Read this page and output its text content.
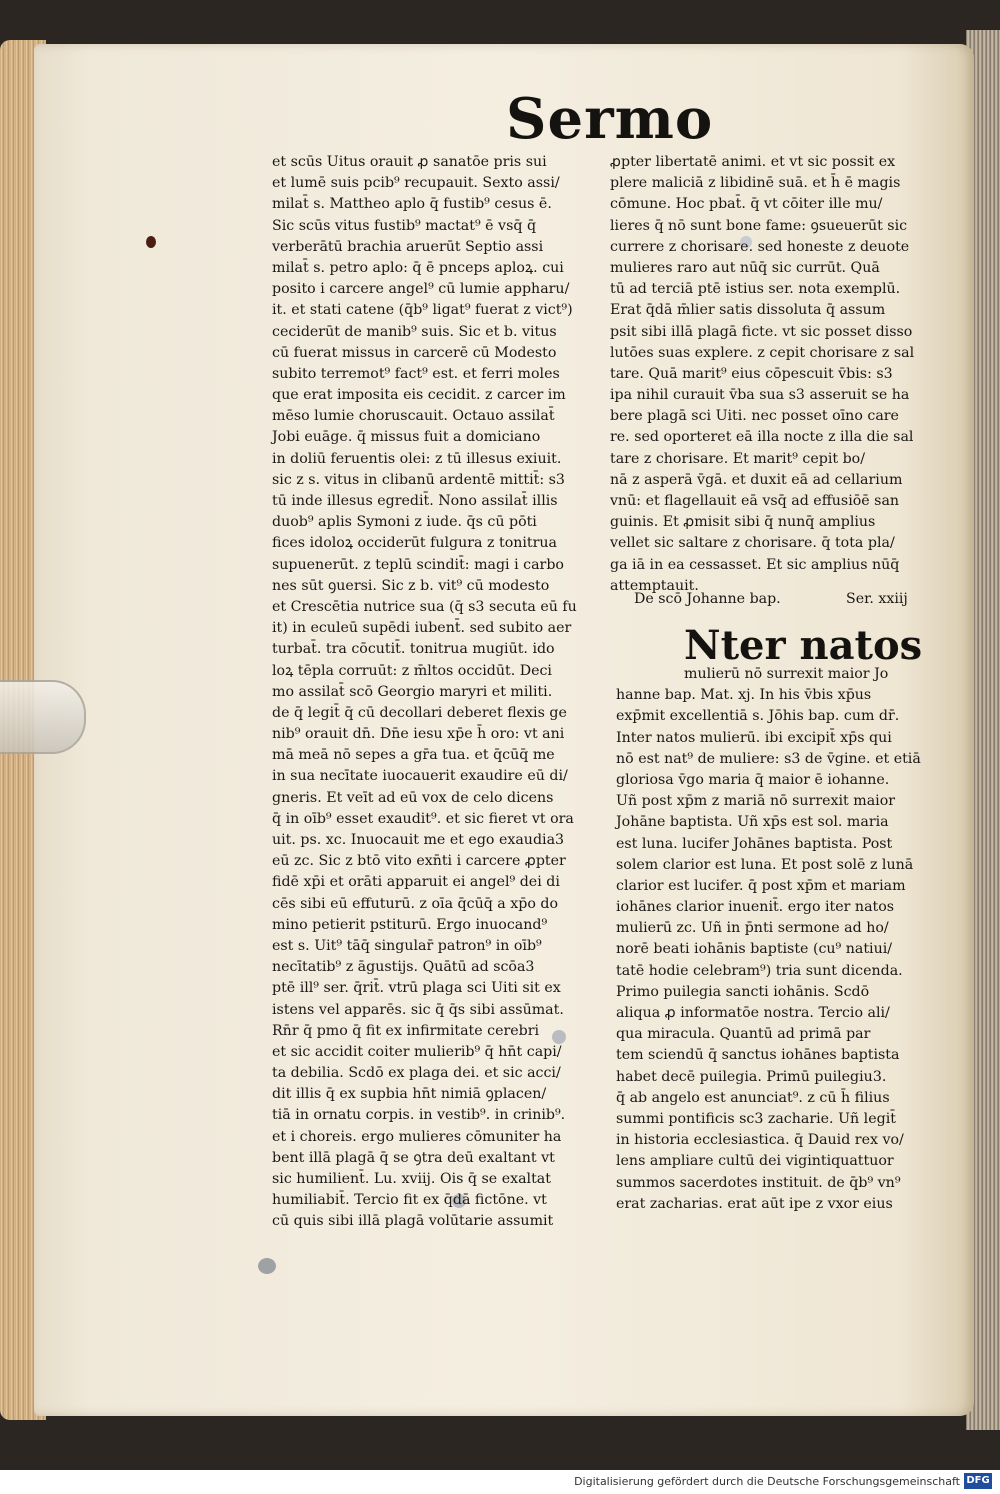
Sermo
et scūs Uitus orauit ꝓ sanatōe pris sui
et lumē suis pcib⁹ recupauit. Sexto assi/
milat̄ s. Mattheo aplo q̄ fustib⁹ cesus ē.
Sic scūs vitus fustib⁹ mactat⁹ ē vsq̄ q̄
verberātū brachia aruerūt Septio assi
milat̄ s. petro aplo: q̄ ē pnceps aploꝝ. cui
posito i carcere angel⁹ cū lumie appharu/
it. et stati catene (q̄b⁹ ligat⁹ fuerat z vict⁹)
ceciderūt de manib⁹ suis. Sic et b. vitus
cū fuerat missus in carcerē cū Modesto
subito terremot⁹ fact⁹ est. et ferri moles
que erat imposita eis cecidit. z carcer im
mēso lumie choruscauit. Octauo assilat̄
Jobi euāge. q̄ missus fuit a domiciano
in doliū feruentis olei: z tū illesus exiuit.
sic z s. vitus in clibanū ardentē mittit̄: s3
tū inde illesus egredit̄. Nono assilat̄ illis
duob⁹ aplis Symoni z iude. q̄s cū pōti
fices idoloꝝ occiderūt fulgura z tonitrua
supuenerūt. z teplū scindit̄: magi i carbo
nes sūt ꝯuersi. Sic z b. vit⁹ cū modesto
et Crescētia nutrice sua (q̄ s3 secuta eū fu
it) in eculeū supēdi iubent̄. sed subito aer
turbat̄. tra cōcutit̄. tonitrua mugiūt. ido
loꝝ tēpla corruūt: z m̄ltos occidūt. Deci
mo assilat̄ scō Georgio maryri et militi.
de q̄ legit̄ q̄ cū decollari deberet flexis ge
nib⁹ orauit dn̄. Dn̄e iesu xp̄e h̄ oro: vt ani
mā meā nō sepes a gr̄a tua. et q̄cūq̄ me
in sua necītate iuocauerit exaudire eū di/
gneris. Et veīt ad eū vox de celo dicens
q̄ in oīb⁹ esset exaudit⁹. et sic fieret vt ora
uit. ps. xc. Inuocauit me et ego exaudia3
eū zc. Sic z btō vito exn̄ti i carcere ꝓpter
fidē xp̄i et orāti apparuit ei angel⁹ dei di
cēs sibi eū effuturū. z oīa q̄cūq̄ a xp̄o do
mino petierit pstiturū. Ergo inuocand⁹
est s. Uit⁹ tāq̄ singular̄ patron⁹ in oīb⁹
necītatib⁹ z āgustijs. Quātū ad scōa3
ptē ill⁹ ser. q̄rit̄. vtrū plaga sci Uiti sit ex
istens vel apparēs. sic q̄ q̄s sibi assūmat.
Rn̄r q̄ pmo q̄ fit ex infirmitate cerebri
et sic accidit coiter mulierib⁹ q̄ hn̄t capi/
ta debilia. Scdō ex plaga dei. et sic acci/
dit illis q̄ ex supbia hn̄t nimiā ꝯplacen/
tiā in ornatu corpis. in vestib⁹. in crinib⁹.
et i choreis. ergo mulieres cōmuniter ha
bent illā plagā q̄ se ꝯtra deū exaltant vt
sic humilient̄. Lu. xviij. Ois q̄ se exaltat
humiliabit̄. Tercio fit ex q̄dā fictōne. vt
cū quis sibi illā plagā volūtarie assumit
ꝓpter libertatē animi. et vt sic possit ex
plere maliciā z libidinē suā. et h̄ ē magis
cōmune. Hoc pbat̄. q̄ vt cōiter ille mu/
lieres q̄ nō sunt bone fame: ꝯsueuerūt sic
currere z chorisare. sed honeste z deuote
mulieres raro aut nūq̄ sic currūt. Quā
tū ad terciā ptē istius ser. nota exemplū.
Erat q̄dā m̄lier satis dissoluta q̄ assum
psit sibi illā plagā ficte. vt sic posset disso
lutōes suas explere. z cepit chorisare z sal
tare. Quā marit⁹ eius cōpescuit v̄bis: s3
ipa nihil curauit v̄ba sua s3 asseruit se ha
bere plagā sci Uiti. nec posset oīno care
re. sed oporteret eā illa nocte z illa die sal
tare z chorisare. Et marit⁹ cepit bo/
nā z asperā v̄gā. et duxit eā ad cellarium
vnū: et flagellauit eā vsq̄ ad effusiōē san
guinis. Et ꝓmisit sibi q̄ nunq̄ amplius
vellet sic saltare z chorisare. q̄ tota pla/
ga iā in ea cessasset. Et sic amplius nūq̄
attemptauit.
De scō Johanne bap.	Ser. xxiij
Nter natos
mulierū nō surrexit maior Jo
hanne bap. Mat. xj. In his v̄bis xp̄us
exp̄mit excellentiā s. Jōhis bap. cum dr̄.
Inter natos mulierū. ibi excipit̄ xp̄s qui
nō est nat⁹ de muliere: s3 de v̄gine. et etiā
gloriosa v̄go maria q̄ maior ē iohanne.
Uñ post xp̄m z mariā nō surrexit maior
Johāne baptista. Uñ xp̄s est sol. maria
est luna. lucifer Johānes baptista. Post
solem clarior est luna. Et post solē z lunā
clarior est lucifer. q̄ post xp̄m et mariam
iohānes clarior inuenit̄. ergo iter natos
mulierū zc. Uñ in p̄nti sermone ad ho/
norē beati iohānis baptiste (cu⁹ natiui/
tatē hodie celebram⁹) tria sunt dicenda.
Primo puilegia sancti iohānis. Scdō
aliqua ꝓ informatōe nostra. Tercio ali/
qua miracula. Quantū ad primā par
tem sciendū q̄ sanctus iohānes baptista
habet decē puilegia. Primū puilegiu3.
q̄ ab angelo est anunciat⁹. z cū h̄ filius
summi pontificis sc3 zacharie. Uñ legit̄
in historia ecclesiastica. q̄ Dauid rex vo/
lens ampliare cultū dei vigintiquattuor
summos sacerdotes instituit. de q̄b⁹ vn⁹
erat zacharias. erat aūt ipe z vxor eius
Digitalisierung gefördert durch die Deutsche Forschungsgemeinschaft DFG
